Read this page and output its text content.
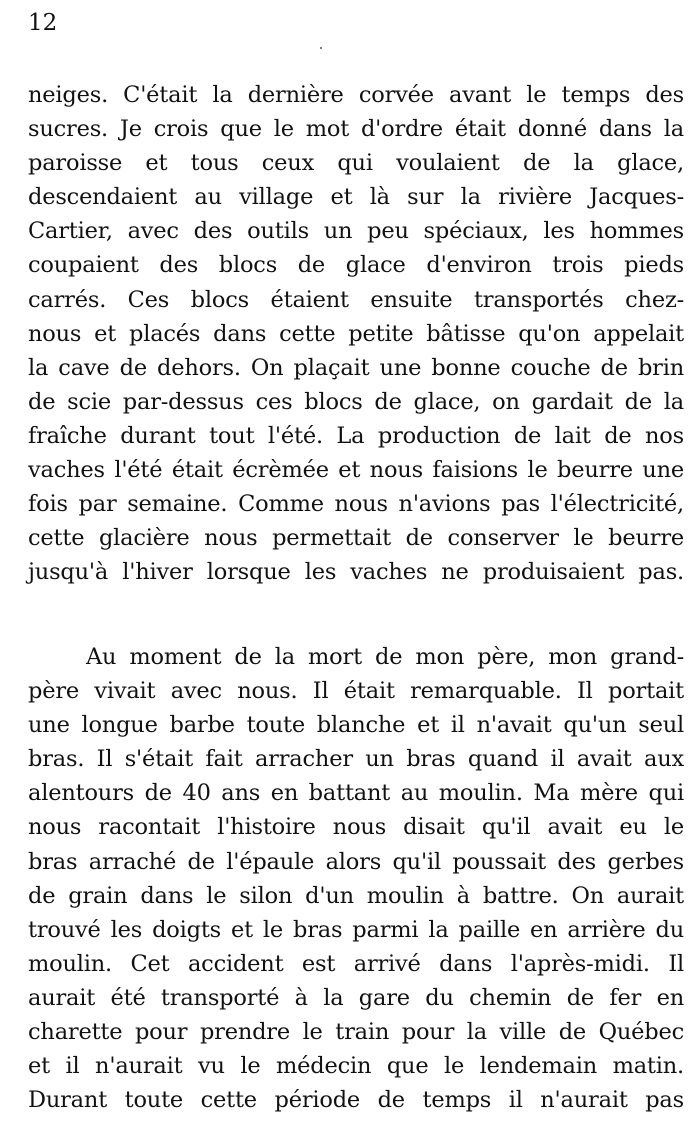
12
neiges. C'était la dernière corvée avant le temps des
sucres. Je crois que le mot d'ordre était donné dans la
paroisse et tous ceux qui voulaient de la glace,
descendaient au village et là sur la rivière Jacques-
Cartier, avec des outils un peu spéciaux, les hommes
coupaient des blocs de glace d'environ trois pieds
carrés. Ces blocs étaient ensuite transportés chez-
nous et placés dans cette petite bâtisse qu'on appelait
la cave de dehors. On plaçait une bonne couche de brin
de scie par-dessus ces blocs de glace, on gardait de la
fraîche durant tout l'été. La production de lait de nos
vaches l'été était écrèmée et nous faisions le beurre une
fois par semaine. Comme nous n'avions pas l'électricité,
cette glacière nous permettait de conserver le beurre
jusqu'à l'hiver lorsque les vaches ne produisaient pas.
Au moment de la mort de mon père, mon grand-
père vivait avec nous. Il était remarquable. Il portait
une longue barbe toute blanche et il n'avait qu'un seul
bras. Il s'était fait arracher un bras quand il avait aux
alentours de 40 ans en battant au moulin. Ma mère qui
nous racontait l'histoire nous disait qu'il avait eu le
bras arraché de l'épaule alors qu'il poussait des gerbes
de grain dans le silon d'un moulin à battre. On aurait
trouvé les doigts et le bras parmi la paille en arrière du
moulin. Cet accident est arrivé dans l'après-midi. Il
aurait été transporté à la gare du chemin de fer en
charette pour prendre le train pour la ville de Québec
et il n'aurait vu le médecin que le lendemain matin.
Durant toute cette période de temps il n'aurait pas
